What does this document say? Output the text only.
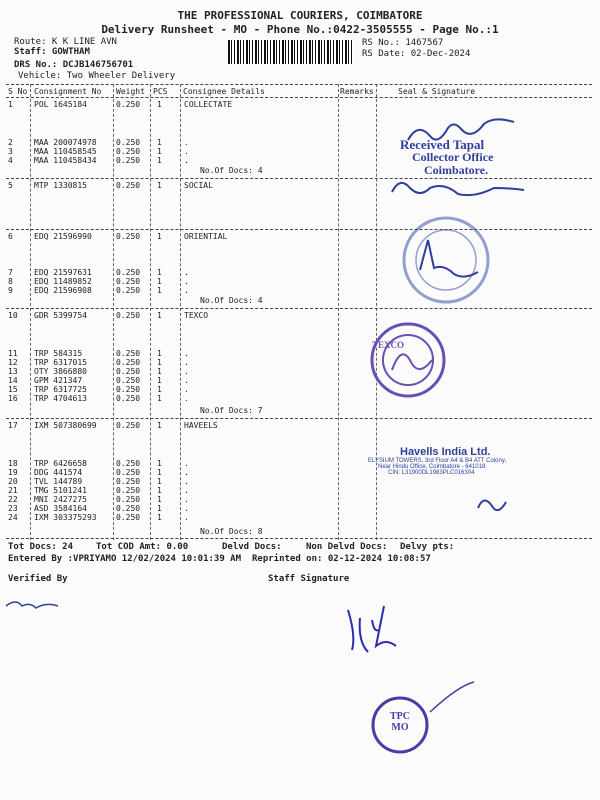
THE PROFESSIONAL COURIERS, COIMBATORE
Delivery Runsheet - MO - Phone No.:0422-3505555 - Page No.:1
Route: K K LINE AVN
Staff: GOWTHAM
DRS No.: DCJB146756701
Vehicle: Two Wheeler Delivery
RS No.: 1467567
RS Date: 02-Dec-2024
S No Consignment No Weight PCS Consignee Details	Remarks	Seal & Signature
1	POL 1645184	0.250 1	COLLECTATE
2	MAA 200074978 0.250 1	.
3	MAA 110458545 0.250 1	.
4	MAA 110458434 0.250 1	.
No.Of Docs: 4
5	MTP 1330815	0.250 1	SOCIAL
6	EDQ 21596990	0.250 1	ORIENTIAL
7	EDQ 21597631	0.250 1	.
8	EDQ 11489852	0.250 1	.
9	EDQ 21596908	0.250 1	.
No.Of Docs: 4
10 GDR 5399754	0.250 1	TEXCO
11 TRP 584315	0.250 1	.
12 TRP 6317015	0.250 1	.
13 OTY 3866880	0.250 1	.
14 GPM 421347	0.250 1	.
15 TRP 6317725	0.250 1	.
16 TRP 4704613	0.250 1	.
No.Of Docs: 7
17 IXM 507380699 0.250 1	HAVEELS
18 TRP 6426658	0.250 1	.
19 DDG 441574	0.250 1	.
20 TVL 144789	0.250 1	.
21 TMG 5101241	0.250 1	.
22 MNI 2427275	0.250 1	.
23 ASD 3584164	0.250 1	.
24 IXM 303375293 0.250 1	.
No.Of Docs: 8
Tot Docs: 24	Tot COD Amt: 0.00	Delvd Docs:	Non Delvd Docs: Delvy pts:
Entered By :VPRIYAMO 12/02/2024 10:01:39 AM Reprinted on: 02-12-2024 10:08:57
Verified By	Staff Signature
Received Tapal
Collector Office
Coimbatore.
TEXCO
Havells India Ltd.
ELYSIUM TOWERS, 3rd Floor A4 & B4 ATT Colony,
Near Hindu Office, Coimbatore - 641018.
CIN: L31900DL1983PLC016304
TPC
MO
